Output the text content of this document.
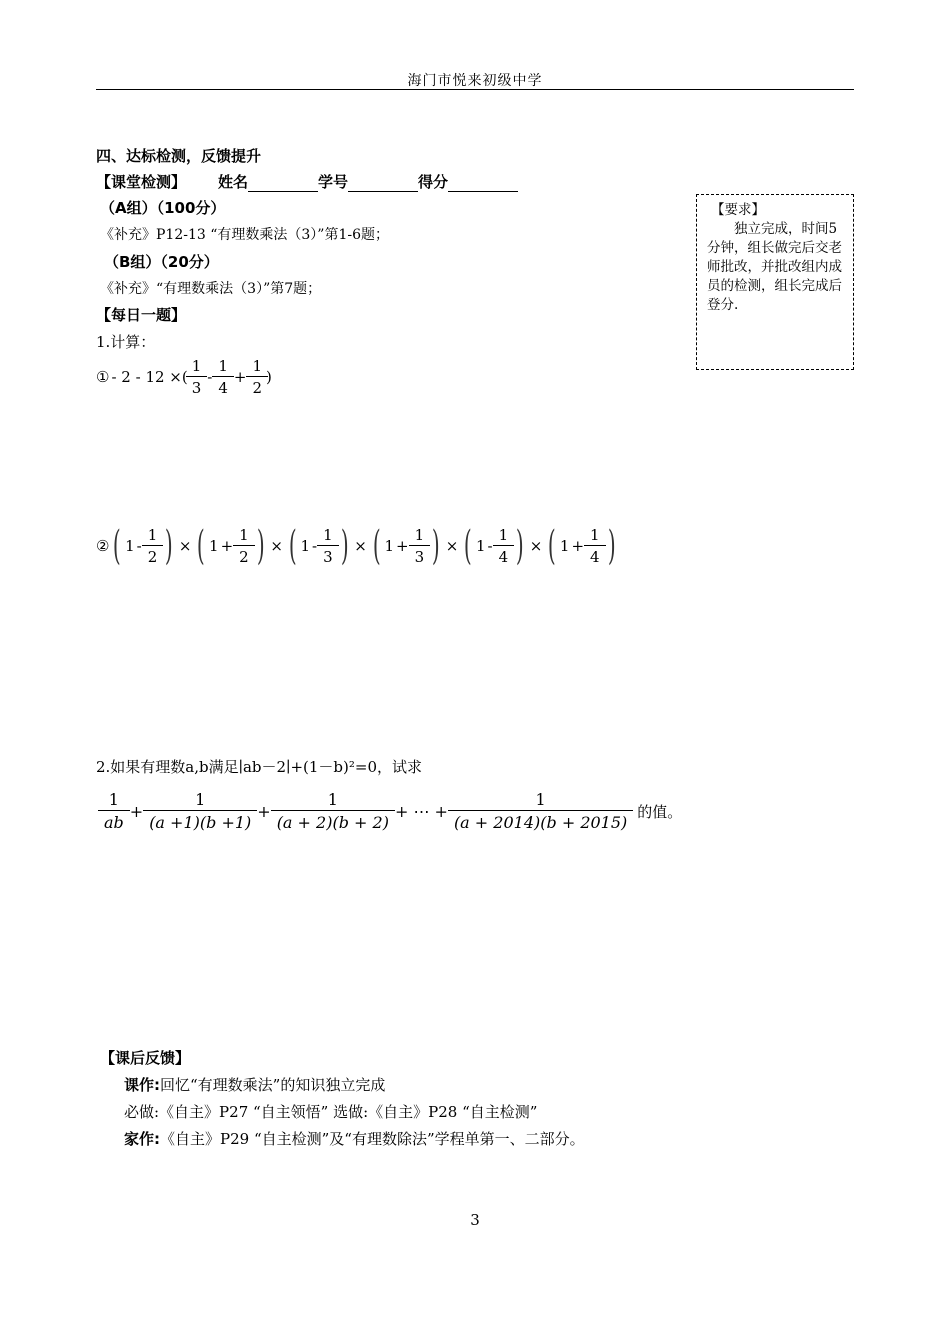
海门市悦来初级中学
四、达标检测，反馈提升
【课堂检测】 姓名	学号	得分
（A组）（100分）
《补充》P12-13 “有理数乘法（3）”第1-6题；
（B组）（20分）
《补充》“有理数乘法（3）”第7题；
【要求】
独立完成，时间5分钟，组长做完后交老师批改，并批改组内成员的检测，组长完成后登分.
【每日一题】
1.计算：
① - 2 - 12 ×( $\frac{1}{3} - \frac{1}{4} + \frac{1}{2}$ )
② ( $1 - \frac{1}{2}$ ) × ( $1 + \frac{1}{2}$ ) × ( $1 - \frac{1}{3}$ ) × ( $1 + \frac{1}{3}$ ) × ( $1 - \frac{1}{4}$ ) × ( $1 + \frac{1}{4}$ )
2.如果有理数a,b满足∣ab－2∣+(1－b)²=0，试求
$\frac{1}{ab} + \frac{1}{(a +1)(b +1)} + \frac{1}{(a + 2)(b + 2)}$ + ⋯ + $\frac{1}{(a + 2014)(b + 2015)}$ 的值。
【课后反馈】
课作:回忆“有理数乘法”的知识独立完成
必做:《自主》P27 “自主领悟” 选做:《自主》P28 “自主检测”
家作:《自主》P29 “自主检测”及“有理数除法”学程单第一、二部分。
3
